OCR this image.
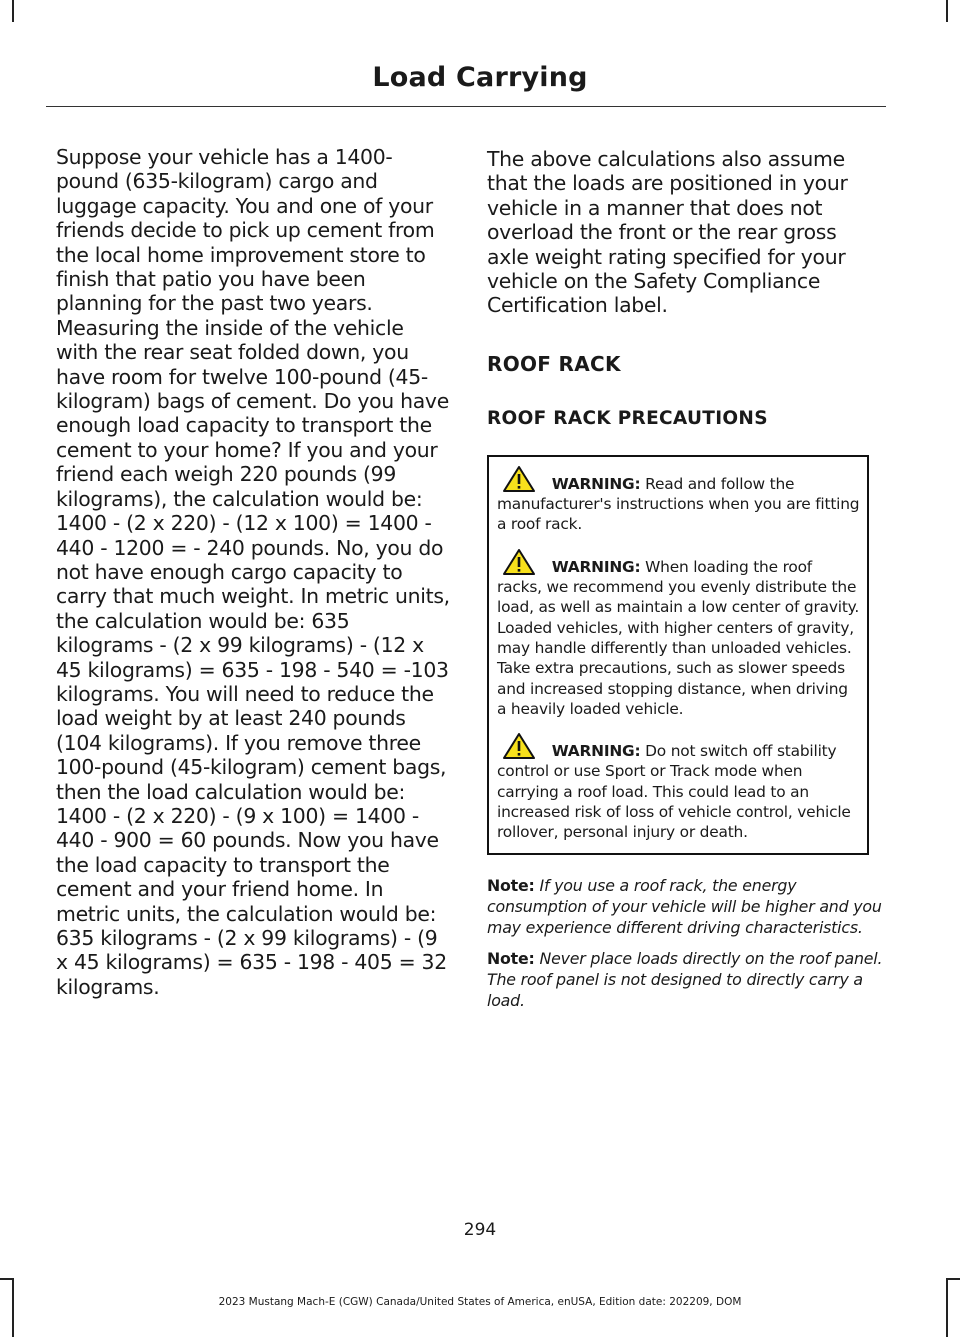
Load Carrying

Suppose your vehicle has a 1400-pound (635-kilogram) cargo and luggage capacity. You and one of your friends decide to pick up cement from the local home improvement store to finish that patio you have been planning for the past two years. Measuring the inside of the vehicle with the rear seat folded down, you have room for twelve 100-pound (45-kilogram) bags of cement. Do you have enough load capacity to transport the cement to your home? If you and your friend each weigh 220 pounds (99 kilograms), the calculation would be: 1400 - (2 x 220) - (12 x 100) = 1400 - 440 - 1200 = - 240 pounds. No, you do not have enough cargo capacity to carry that much weight. In metric units, the calculation would be: 635 kilograms - (2 x 99 kilograms) - (12 x 45 kilograms) = 635 - 198 - 540 = -103 kilograms. You will need to reduce the load weight by at least 240 pounds (104 kilograms). If you remove three 100-pound (45-kilogram) cement bags, then the load calculation would be: 1400 - (2 x 220) - (9 x 100) = 1400 - 440 - 900 = 60 pounds. Now you have the load capacity to transport the cement and your friend home. In metric units, the calculation would be: 635 kilograms - (2 x 99 kilograms) - (9 x 45 kilograms) = 635 - 198 - 405 = 32 kilograms.

The above calculations also assume that the loads are positioned in your vehicle in a manner that does not overload the front or the rear gross axle weight rating specified for your vehicle on the Safety Compliance Certification label.

ROOF RACK
ROOF RACK PRECAUTIONS

WARNING: Read and follow the manufacturer's instructions when you are fitting a roof rack.

WARNING: When loading the roof racks, we recommend you evenly distribute the load, as well as maintain a low center of gravity. Loaded vehicles, with higher centers of gravity, may handle differently than unloaded vehicles. Take extra precautions, such as slower speeds and increased stopping distance, when driving a heavily loaded vehicle.

WARNING: Do not switch off stability control or use Sport or Track mode when carrying a roof load. This could lead to an increased risk of loss of vehicle control, vehicle rollover, personal injury or death.

Note: If you use a roof rack, the energy consumption of your vehicle will be higher and you may experience different driving characteristics.

Note: Never place loads directly on the roof panel. The roof panel is not designed to directly carry a load.

294
2023 Mustang Mach-E (CGW) Canada/United States of America, enUSA, Edition date: 202209, DOM
